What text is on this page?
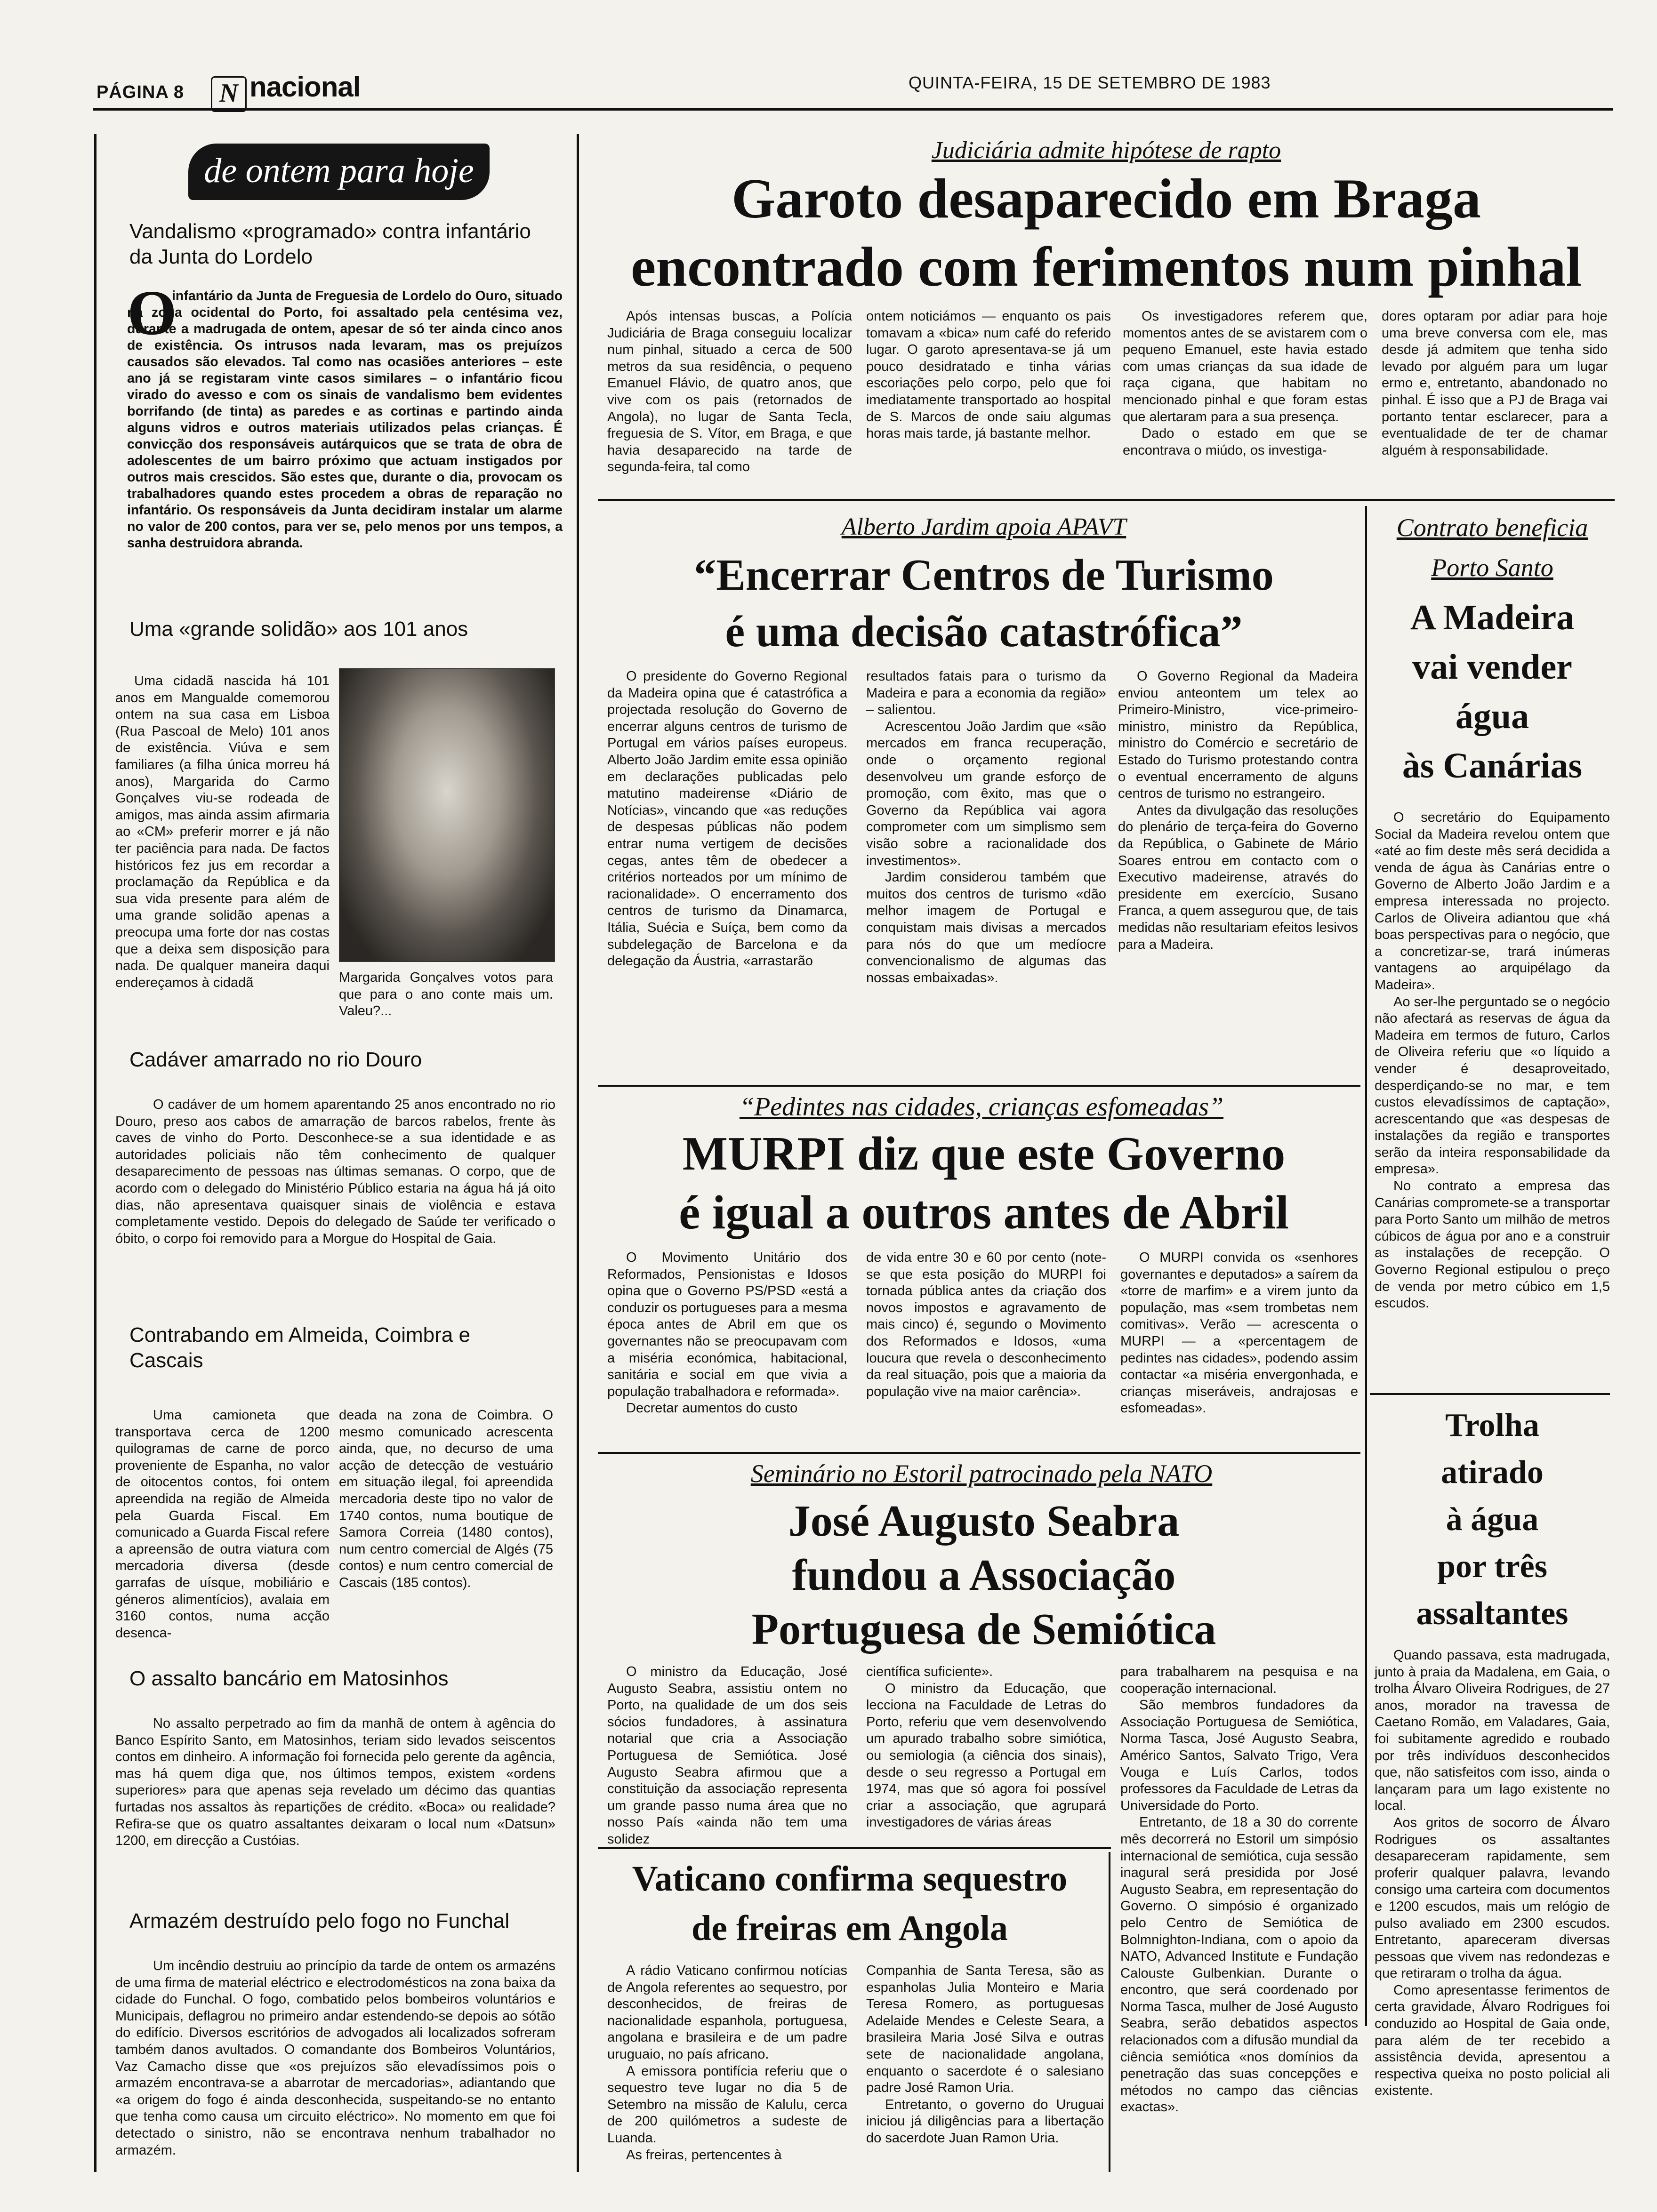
PÁGINA 8	N nacional	QUINTA-FEIRA, 15 DE SETEMBRO DE 1983
de ontem para hoje
Vandalismo «programado» contra infantário da Junta do Lordelo
O

infantário da Junta de Freguesia de Lordelo do Ouro, situado na zona ocidental do Porto, foi assaltado pela centésima vez, durante a madrugada de ontem, apesar de só ter ainda cinco anos de existência. Os intrusos nada levaram, mas os prejuízos causados são elevados. Tal como nas ocasiões anteriores – este ano já se registaram vinte casos similares – o infantário ficou virado do avesso e com os sinais de vandalismo bem evidentes borrifando (de tinta) as paredes e as cortinas e partindo ainda alguns vidros e outros materiais utilizados pelas crianças. É convicção dos responsáveis autárquicos que se trata de obra de adolescentes de um bairro próximo que actuam instigados por outros mais crescidos. São estes que, durante o dia, provocam os trabalhadores quando estes procedem a obras de reparação no infantário. Os responsáveis da Junta decidiram instalar um alarme no valor de 200 contos, para ver se, pelo menos por uns tempos, a sanha destruidora abranda.

Uma «grande solidão» aos 101 anos

Uma cidadã nascida há 101 anos em Mangualde comemorou ontem na sua casa em Lisboa (Rua Pascoal de Melo) 101 anos de existência. Viúva e sem familiares (a filha única morreu há anos), Margarida do Carmo Gonçalves viu-se rodeada de amigos, mas ainda assim afirmaria ao «CM» preferir morrer e já não ter paciência para nada. De factos históricos fez jus em recordar a proclamação da República e da sua vida presente para além de uma grande solidão apenas a preocupa uma forte dor nas costas que a deixa sem disposição para nada. De qualquer maneira daqui endereçamos à cidadã	Margarida Gonçalves votos para que para o ano conte mais um. Valeu?...
Cadáver amarrado no rio Douro

O cadáver de um homem aparentando 25 anos encontrado no rio Douro, preso aos cabos de amarração de barcos rabelos, frente às caves de vinho do Porto. Desconhece-se a sua identidade e as autoridades policiais não têm conhecimento de qualquer desaparecimento de pessoas nas últimas semanas. O corpo, que de acordo com o delegado do Ministério Público estaria na água há já oito dias, não apresentava quaisquer sinais de violência e estava completamente vestido. Depois do delegado de Saúde ter verificado o óbito, o corpo foi removido para a Morgue do Hospital de Gaia.

Contrabando em Almeida, Coimbra e Cascais

Uma camioneta que transportava cerca de 1200 quilogramas de carne de porco proveniente de Espanha, no valor de oitocentos contos, foi ontem apreendida na região de Almeida pela Guarda Fiscal. Em comunicado a Guarda Fiscal refere a apreensão de outra viatura com mercadoria diversa (desde garrafas de uísque, mobiliário e géneros alimentícios), avalaia em 3160 contos, numa acção desenca-

deada na zona de Coimbra. O mesmo comunicado acrescenta ainda, que, no decurso de uma acção de detecção de vestuário em situação ilegal, foi apreendida mercadoria deste tipo no valor de 1740 contos, numa boutique de Samora Correia (1480 contos), num centro comercial de Algés (75 contos) e num centro comercial de Cascais (185 contos).

O assalto bancário em Matosinhos

No assalto perpetrado ao fim da manhã de ontem à agência do Banco Espírito Santo, em Matosinhos, teriam sido levados seiscentos contos em dinheiro. A informação foi fornecida pelo gerente da agência, mas há quem diga que, nos últimos tempos, existem «ordens superiores» para que apenas seja revelado um décimo das quantias furtadas nos assaltos às repartições de crédito. «Boca» ou realidade? Refira-se que os quatro assaltantes deixaram o local num «Datsun» 1200, em direcção a Custóias.

Armazém destruído pelo fogo no Funchal

Um incêndio destruiu ao princípio da tarde de ontem os armazéns de uma firma de material eléctrico e electrodomésticos na zona baixa da cidade do Funchal. O fogo, combatido pelos bombeiros voluntários e Municipais, deflagrou no primeiro andar estendendo-se depois ao sótão do edifício. Diversos escritórios de advogados ali localizados sofreram também danos avultados. O comandante dos Bombeiros Voluntários, Vaz Camacho disse que «os prejuízos são elevadíssimos pois o armazém encontrava-se a abarrotar de mercadorias», adiantando que «a origem do fogo é ainda desconhecida, suspeitando-se no entanto que tenha como causa um circuito eléctrico». No momento em que foi detectado o sinistro, não se encontrava nenhum trabalhador no armazém.

Judiciária admite hipótese de rapto
Garoto desaparecido em Braga
encontrado com ferimentos num pinhal

Após intensas buscas, a Polícia Judiciária de Braga conseguiu localizar num pinhal, situado a cerca de 500 metros da sua residência, o pequeno Emanuel Flávio, de quatro anos, que vive com os pais (retornados de Angola), no lugar de Santa Tecla, freguesia de S. Vítor, em Braga, e que havia desaparecido na tarde de segunda-feira, tal como

ontem noticiámos — enquanto os pais tomavam a «bica» num café do referido lugar. O garoto apresentava-se já um pouco desidratado e tinha várias escoriações pelo corpo, pelo que foi imediatamente transportado ao hospital de S. Marcos de onde saiu algumas horas mais tarde, já bastante melhor.

Os investigadores referem que, momentos antes de se avistarem com o pequeno Emanuel, este havia estado com umas crianças da sua idade de raça cigana, que habitam no mencionado pinhal e que foram estas que alertaram para a sua presença.

Dado o estado em que se encontrava o miúdo, os investiga-

dores optaram por adiar para hoje uma breve conversa com ele, mas desde já admitem que tenha sido levado por alguém para um lugar ermo e, entretanto, abandonado no pinhal. É isso que a PJ de Braga vai portanto tentar esclarecer, para a eventualidade de ter de chamar alguém à responsabilidade.

Alberto Jardim apoia APAVT
“Encerrar Centros de Turismo
é uma decisão catastrófica”

O presidente do Governo Regional da Madeira opina que é catastrófica a projectada resolução do Governo de encerrar alguns centros de turismo de Portugal em vários países europeus. Alberto João Jardim emite essa opinião em declarações publicadas pelo matutino madeirense «Diário de Notícias», vincando que «as reduções de despesas públicas não podem entrar numa vertigem de decisões cegas, antes têm de obedecer a critérios norteados por um mínimo de racionalidade». O encerramento dos centros de turismo da Dinamarca, Itália, Suécia e Suíça, bem como da subdelegação de Barcelona e da delegação da Áustria, «arrastarão

resultados fatais para o turismo da Madeira e para a economia da região» – salientou.

Acrescentou João Jardim que «são mercados em franca recuperação, onde o orçamento regional desenvolveu um grande esforço de promoção, com êxito, mas que o Governo da República vai agora comprometer com um simplismo sem visão sobre a racionalidade dos investimentos».

Jardim considerou também que muitos dos centros de turismo «dão melhor imagem de Portugal e conquistam mais divisas a mercados para nós do que um medíocre convencionalismo de algumas das nossas embaixadas».

O Governo Regional da Madeira enviou anteontem um telex ao Primeiro-Ministro, vice-primeiro-ministro, ministro da República, ministro do Comércio e secretário de Estado do Turismo protestando contra o eventual encerramento de alguns centros de turismo no estrangeiro.

Antes da divulgação das resoluções do plenário de terça-feira do Governo da República, o Gabinete de Mário Soares entrou em contacto com o Executivo madeirense, através do presidente em exercício, Susano Franca, a quem assegurou que, de tais medidas não resultariam efeitos lesivos para a Madeira.

Contrato beneficia
Porto Santo
A Madeira
vai vender
água
às Canárias

O secretário do Equipamento Social da Madeira revelou ontem que «até ao fim deste mês será decidida a venda de água às Canárias entre o Governo de Alberto João Jardim e a empresa interessada no projecto. Carlos de Oliveira adiantou que «há boas perspectivas para o negócio, que a concretizar-se, trará inúmeras vantagens ao arquipélago da Madeira».

Ao ser-lhe perguntado se o negócio não afectará as reservas de água da Madeira em termos de futuro, Carlos de Oliveira referiu que «o líquido a vender é desaproveitado, desperdiçando-se no mar, e tem custos elevadíssimos de captação», acrescentando que «as despesas de instalações da região e transportes serão da inteira responsabilidade da empresa».

No contrato a empresa das Canárias compromete-se a transportar para Porto Santo um milhão de metros cúbicos de água por ano e a construir as instalações de recepção. O Governo Regional estipulou o preço de venda por metro cúbico em 1,5 escudos.

Trolha
atirado
à água
por três
assaltantes

Quando passava, esta madrugada, junto à praia da Madalena, em Gaia, o trolha Álvaro Oliveira Rodrigues, de 27 anos, morador na travessa de Caetano Romão, em Valadares, Gaia, foi subitamente agredido e roubado por três indivíduos desconhecidos que, não satisfeitos com isso, ainda o lançaram para um lago existente no local.

Aos gritos de socorro de Álvaro Rodrigues os assaltantes desapareceram rapidamente, sem proferir qualquer palavra, levando consigo uma carteira com documentos e 1200 escudos, mais um relógio de pulso avaliado em 2300 escudos. Entretanto, apareceram diversas pessoas que vivem nas redondezas e que retiraram o trolha da água.

Como apresentasse ferimentos de certa gravidade, Álvaro Rodrigues foi conduzido ao Hospital de Gaia onde, para além de ter recebido a assistência devida, apresentou a respectiva queixa no posto policial ali existente.

“Pedintes nas cidades, crianças esfomeadas”
MURPI diz que este Governo
é igual a outros antes de Abril

O Movimento Unitário dos Reformados, Pensionistas e Idosos opina que o Governo PS/PSD «está a conduzir os portugueses para a mesma época antes de Abril em que os governantes não se preocupavam com a miséria económica, habitacional, sanitária e social em que vivia a população trabalhadora e reformada».

Decretar aumentos do custo

de vida entre 30 e 60 por cento (note-se que esta posição do MURPI foi tornada pública antes da criação dos novos impostos e agravamento de mais cinco) é, segundo o Movimento dos Reformados e Idosos, «uma loucura que revela o desconhecimento da real situação, pois que a maioria da população vive na maior carência».

O MURPI convida os «senhores governantes e deputados» a saírem da «torre de marfim» e a virem junto da população, mas «sem trombetas nem comitivas». Verão — acrescenta o MURPI — a «percentagem de pedintes nas cidades», podendo assim contactar «a miséria envergonhada, e crianças miseráveis, andrajosas e esfomeadas».

Seminário no Estoril patrocinado pela NATO
José Augusto Seabra
fundou a Associação
Portuguesa de Semiótica

O ministro da Educação, José Augusto Seabra, assistiu ontem no Porto, na qualidade de um dos seis sócios fundadores, à assinatura notarial que cria a Associação Portuguesa de Semiótica. José Augusto Seabra afirmou que a constituição da associação representa um grande passo numa área que no nosso País «ainda não tem uma solidez

científica suficiente».

O ministro da Educação, que lecciona na Faculdade de Letras do Porto, referiu que vem desenvolvendo um apurado trabalho sobre simiótica, ou semiologia (a ciência dos sinais), desde o seu regresso a Portugal em 1974, mas que só agora foi possível criar a associação, que agrupará investigadores de várias áreas

para trabalharem na pesquisa e na cooperação internacional.

São membros fundadores da Associação Portuguesa de Semiótica, Norma Tasca, José Augusto Seabra, Américo Santos, Salvato Trigo, Vera Vouga e Luís Carlos, todos professores da Faculdade de Letras da Universidade do Porto.

Entretanto, de 18 a 30 do corrente mês decorrerá no Estoril um simpósio internacional de semiótica, cuja sessão inagural será presidida por José Augusto Seabra, em representação do Governo. O simpósio é organizado pelo Centro de Semiótica de Bolmnighton-Indiana, com o apoio da NATO, Advanced Institute e Fundação Calouste Gulbenkian. Durante o encontro, que será coordenado por Norma Tasca, mulher de José Augusto Seabra, serão debatidos aspectos relacionados com a difusão mundial da ciência semiótica «nos domínios da penetração das suas concepções e métodos no campo das ciências exactas».

Vaticano confirma sequestro
de freiras em Angola

A rádio Vaticano confirmou notícias de Angola referentes ao sequestro, por desconhecidos, de freiras de nacionalidade espanhola, portuguesa, angolana e brasileira e de um padre uruguaio, no país africano.

A emissora pontifícia referiu que o sequestro teve lugar no dia 5 de Setembro na missão de Kalulu, cerca de 200 quilómetros a sudeste de Luanda.

As freiras, pertencentes à

Companhia de Santa Teresa, são as espanholas Julia Monteiro e Maria Teresa Romero, as portuguesas Adelaide Mendes e Celeste Seara, a brasileira Maria José Silva e outras sete de nacionalidade angolana, enquanto o sacerdote é o salesiano padre José Ramon Uria.

Entretanto, o governo do Uruguai iniciou já diligências para a libertação do sacerdote Juan Ramon Uria.
